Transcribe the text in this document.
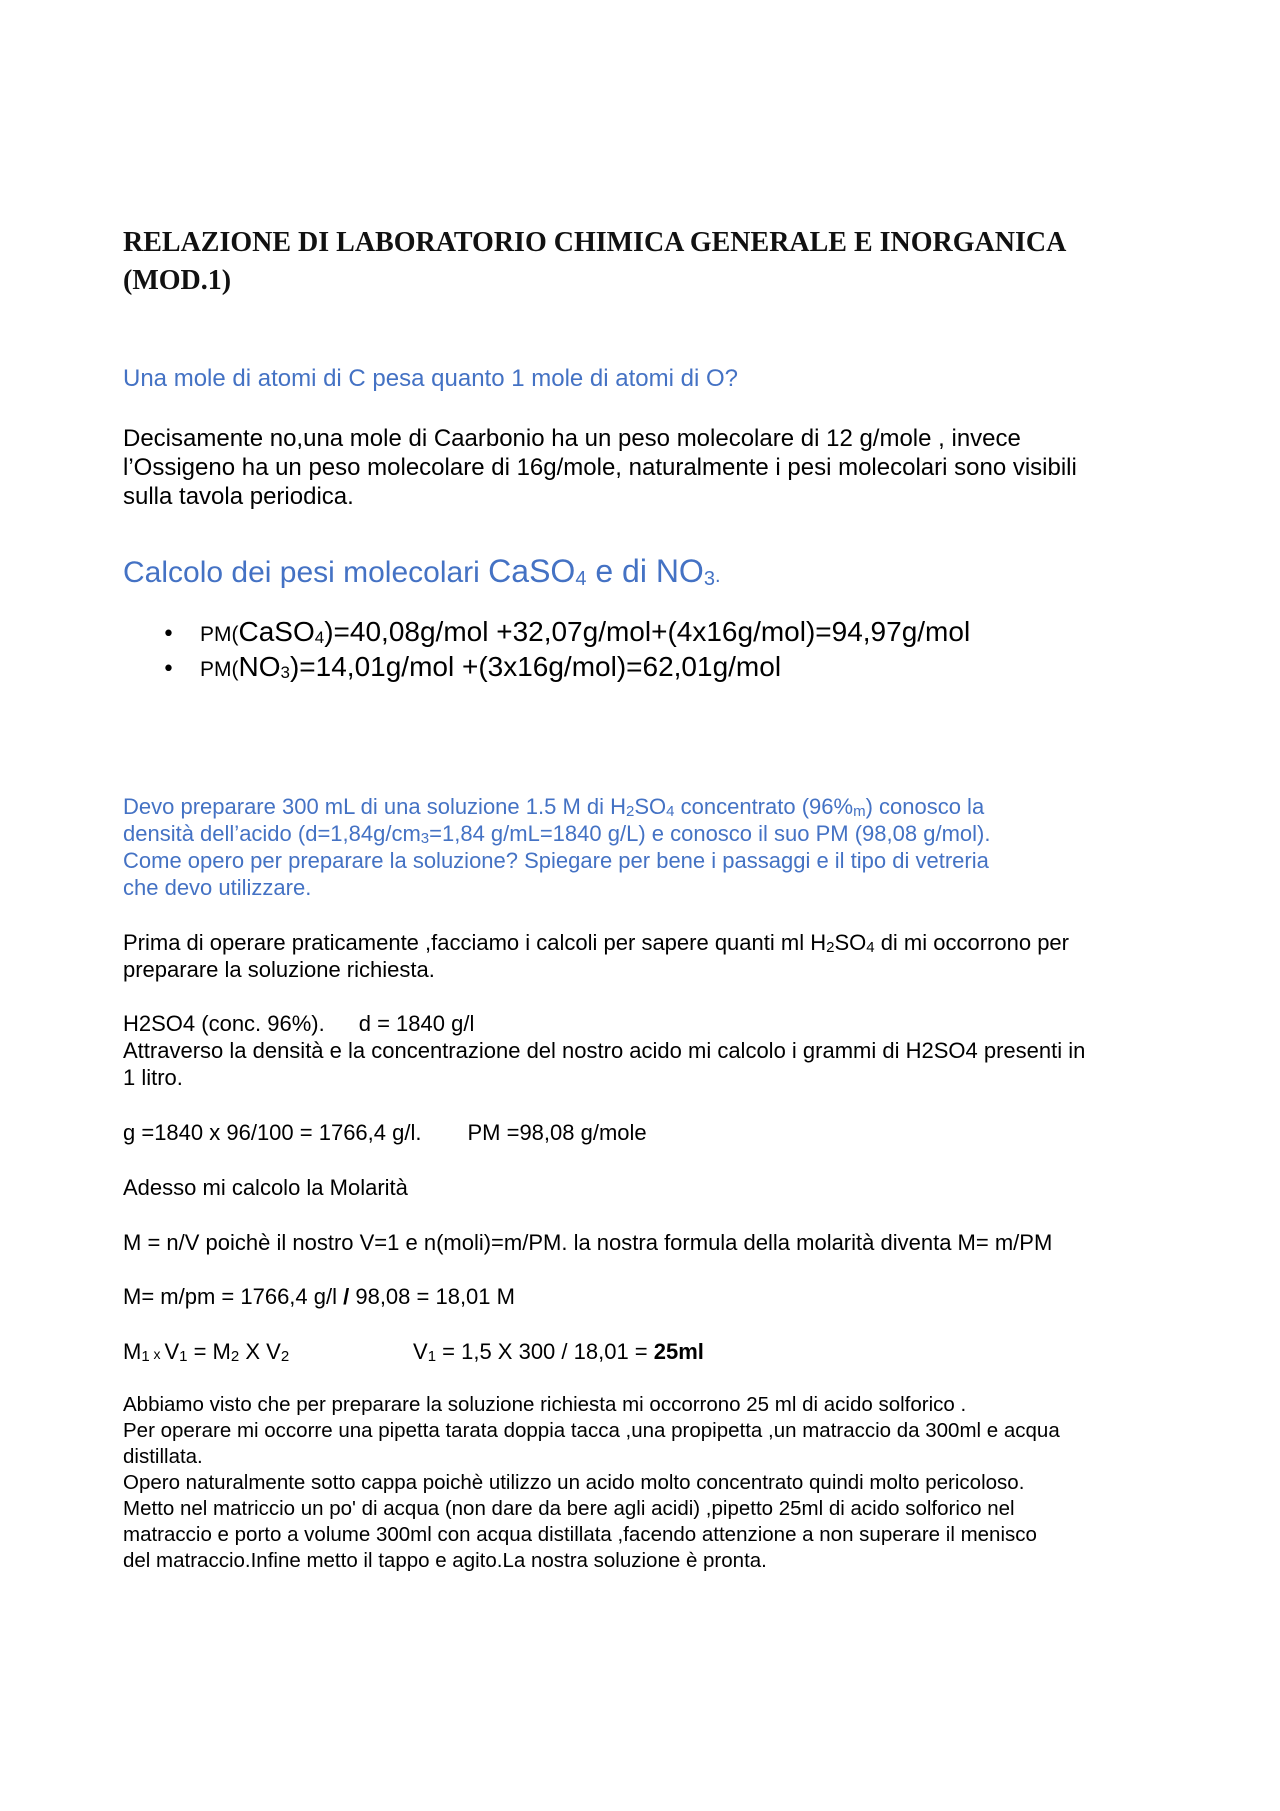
RELAZIONE DI LABORATORIO CHIMICA GENERALE E INORGANICA
(MOD.1)
Una mole di atomi di C pesa quanto 1 mole di atomi di O?
Decisamente no,una mole di Caarbonio ha un peso molecolare di 12 g/mole , invece
l’Ossigeno ha un peso molecolare di 16g/mole, naturalmente i pesi molecolari sono visibili
sulla tavola periodica.
Calcolo dei pesi molecolari CaSO4 e di NO3.
• PM(CaSO4)=40,08g/mol +32,07g/mol+(4x16g/mol)=94,97g/mol
• PM(NO3)=14,01g/mol +(3x16g/mol)=62,01g/mol
Devo preparare 300 mL di una soluzione 1.5 M di H2SO4 concentrato (96%m) conosco la
densità dell’acido (d=1,84g/cm3=1,84 g/mL=1840 g/L) e conosco il suo PM (98,08 g/mol).
Come opero per preparare la soluzione? Spiegare per bene i passaggi e il tipo di vetreria
che devo utilizzare.
Prima di operare praticamente ,facciamo i calcoli per sapere quanti ml H2SO4 di mi occorrono per
preparare la soluzione richiesta.
H2SO4 (conc. 96%). d = 1840 g/l
Attraverso la densità e la concentrazione del nostro acido mi calcolo i grammi di H2SO4 presenti in
1 litro.
g =1840 x 96/100 = 1766,4 g/l. PM =98,08 g/mole
Adesso mi calcolo la Molarità
M = n/V poichè il nostro V=1 e n(moli)=m/PM. la nostra formula della molarità diventa M= m/PM
M= m/pm = 1766,4 g/l / 98,08 = 18,01 M
M1 x V1 = M2 X V2	V1 = 1,5 X 300 / 18,01 = 25ml
Abbiamo visto che per preparare la soluzione richiesta mi occorrono 25 ml di acido solforico .
Per operare mi occorre una pipetta tarata doppia tacca ,una propipetta ,un matraccio da 300ml e acqua
distillata.
Opero naturalmente sotto cappa poichè utilizzo un acido molto concentrato quindi molto pericoloso.
Metto nel matriccio un po' di acqua (non dare da bere agli acidi) ,pipetto 25ml di acido solforico nel
matraccio e porto a volume 300ml con acqua distillata ,facendo attenzione a non superare il menisco
del matraccio.Infine metto il tappo e agito.La nostra soluzione è pronta.
